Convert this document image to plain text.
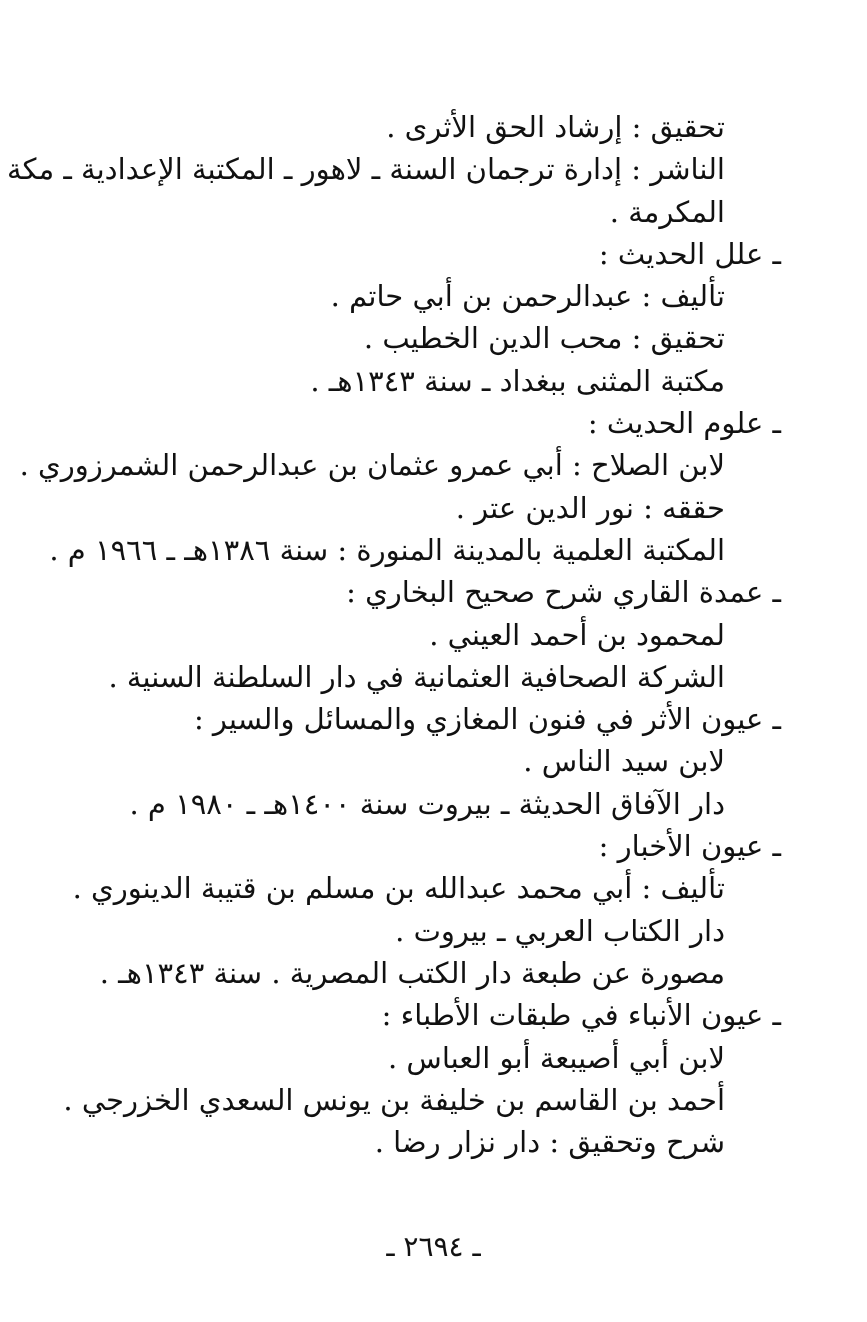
تحقيق : إرشاد الحق الأثرى .
الناشر : إدارة ترجمان السنة ـ لاهور ـ المكتبة الإعدادية ـ مكة
المكرمة .
ـ علل الحديث :
تأليف : عبدالرحمن بن أبي حاتم .
تحقيق : محب الدين الخطيب .
مكتبة المثنى ببغداد ـ سنة ١٣٤٣هـ .
ـ علوم الحديث :
لابن الصلاح : أبي عمرو عثمان بن عبدالرحمن الشمرزوري .
حققه : نور الدين عتر .
المكتبة العلمية بالمدينة المنورة : سنة ١٣٨٦هـ ـ ١٩٦٦ م .
ـ عمدة القاري شرح صحيح البخاري :
لمحمود بن أحمد العيني .
الشركة الصحافية العثمانية في دار السلطنة السنية .
ـ عيون الأثر في فنون المغازي والمسائل والسير :
لابن سيد الناس .
دار الآفاق الحديثة ـ بيروت سنة ١٤٠٠هـ ـ ١٩٨٠ م .
ـ عيون الأخبار :
تأليف : أبي محمد عبدالله بن مسلم بن قتيبة الدينوري .
دار الكتاب العربي ـ بيروت .
مصورة عن طبعة دار الكتب المصرية . سنة ١٣٤٣هـ .
ـ عيون الأنباء في طبقات الأطباء :
لابن أبي أصيبعة أبو العباس .
أحمد بن القاسم بن خليفة بن يونس السعدي الخزرجي .
شرح وتحقيق : دار نزار رضا .
ـ ٢٦٩٤ ـ
